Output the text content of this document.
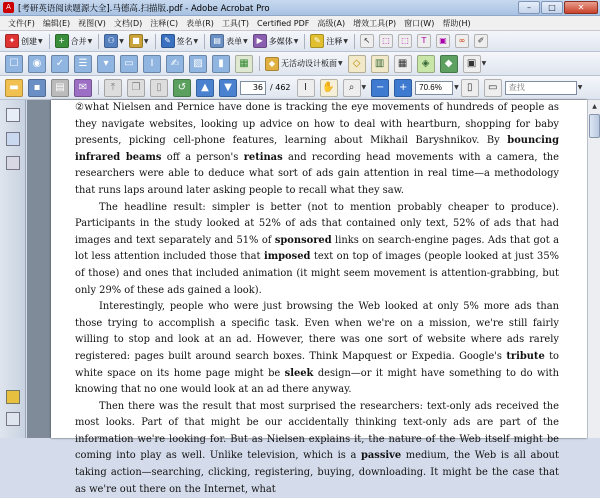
A [考研英语阅读题源大全].马德高.扫描版.pdf - Adobe Acrobat Pro	–	□	✕
文件(F)	编辑(E)	视图(V)	文档(D)	注释(C)	表单(R)	工具(T)	Certified PDF	高级(A)	增效工具(P)	窗口(W)	帮助(H)
✦ 创建 ▼	+ 合并 ▼	⚇ ▼	■ ▼	✎ 签名 ▼	▤ 表单 ▼	▶ 多媒体 ▼	✎ 注释 ▼	↖	⬚	⬚	T	▣	∞	✐
☐	◉	✓	☰	▾	▭	I	✍	▨	▮	▦	◆ 无活动设计板面 ▼	◇	▥	▦	◈	◆	▣ ▼
▬	▪	▤	✉	⤒	❐	▯	↺	▲	▼
36	/ 462	I	✋	⌕	▼ −	+
70.6%	▼ ▯	▭
查找	▼

②what Nielsen and Pernice have done is tracking the eye movements of hundreds of people as they navigate websites, looking up advice on how to deal with heartburn, shopping for baby presents, picking cell-phone features, learning about Mikhail Baryshnikov. By bouncing infrared beams off a person's retinas and recording head movements with a camera, the researchers were able to deduce what sort of ads gain attention in real time—a methodology that runs laps around later asking people to recall what they saw.

The headline result: simpler is better (not to mention probably cheaper to produce). Participants in the study looked at 52% of ads that contained only text, 52% of ads that had images and text separately and 51% of sponsored links on search-engine pages. Ads that got a lot less attention included those that imposed text on top of images (people looked at just 35% of those) and ones that included animation (it might seem movement is attention-grabbing, but only 29% of these ads gained a look).

Interestingly, people who were just browsing the Web looked at only 5% more ads than those trying to accomplish a specific task. Even when we're on a mission, we're still fairly willing to stop and look at an ad. However, there was one sort of website where ads rarely registered: pages built around search boxes. Think Mapquest or Expedia. Google's tribute to white space on its home page might be sleek design—or it might have something to do with knowing that no one would look at an ad there anyway.

Then there was the result that most surprised the researchers: text-only ads received the most looks. Part of that might be our accidentally thinking text-only ads are part of the information we're looking for. But as Nielsen explains it, the nature of the Web itself might be coming into play as well. Unlike television, which is a passive medium, the Web is all about taking action—searching, clicking, registering, buying, downloading. It might be the case that as we're out there on the Internet, what

▲
